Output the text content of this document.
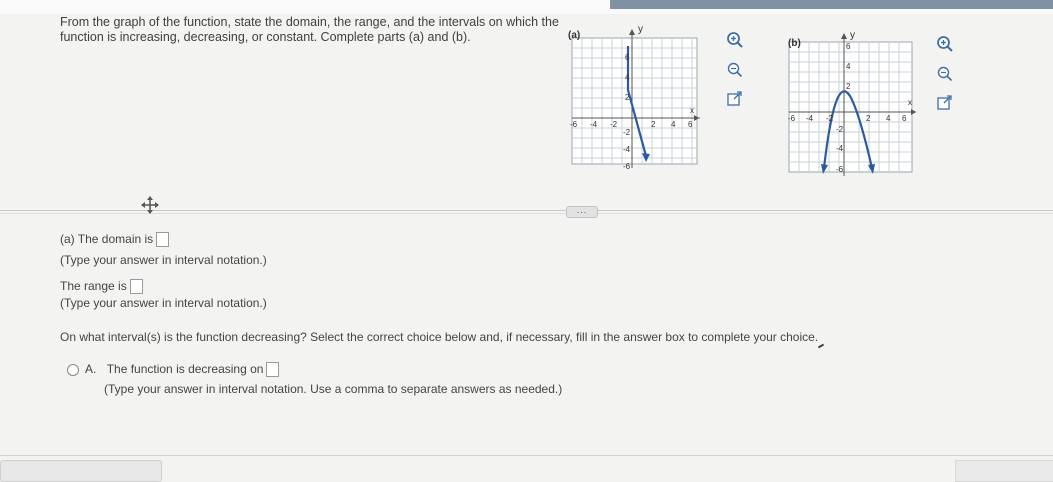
From the graph of the function, state the domain, the range, and the intervals on which the function is increasing, decreasing, or constant. Complete parts (a) and (b).	(a)
y
x
-6 -4 -2	2 4 6
6
4
2
-2
-4
-6
(b)
y
x
-6 -4 -2	2 4 6
6
4
2
-2
-4
-6
...
(a) The domain is
(Type your answer in interval notation.)
The range is
(Type your answer in interval notation.)
On what interval(s) is the function decreasing? Select the correct choice below and, if necessary, fill in the answer box to complete your choice.
A. The function is decreasing on
(Type your answer in interval notation. Use a comma to separate answers as needed.)
